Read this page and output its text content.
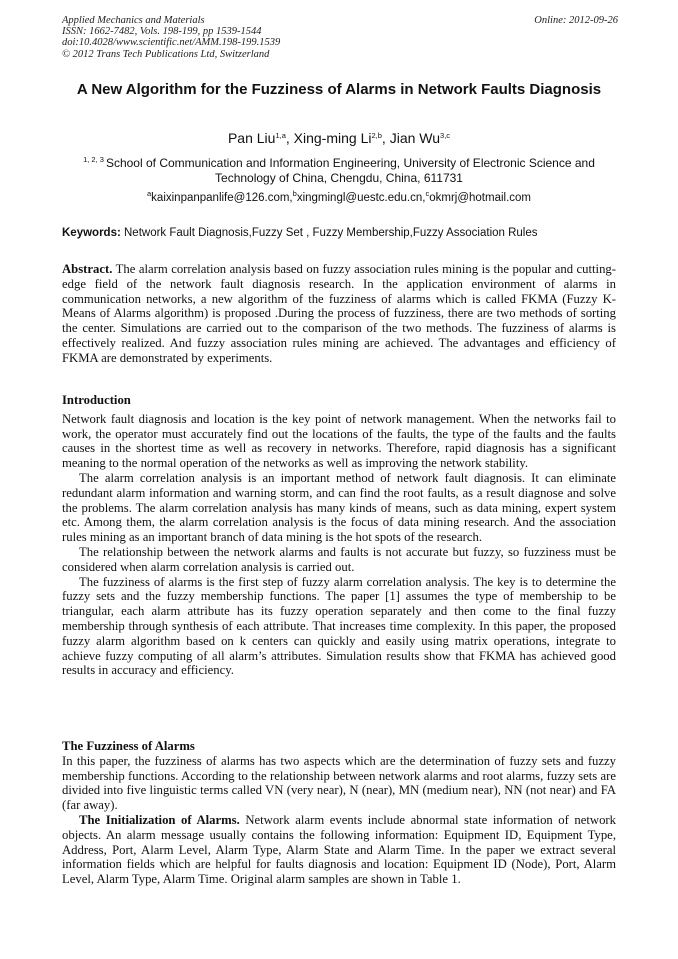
Applied Mechanics and Materials
ISSN: 1662-7482, Vols. 198-199, pp 1539-1544
doi:10.4028/www.scientific.net/AMM.198-199.1539
© 2012 Trans Tech Publications Ltd, Switzerland
Online: 2012-09-26
A New Algorithm for the Fuzziness of Alarms in Network Faults Diagnosis
Pan Liu$^{1,a}$, Xing-ming Li$^{2,b}$, Jian Wu$^{3,c}$
$^{1, 2, 3}$ School of Communication and Information Engineering, University of Electronic Science and Technology of China, Chengdu, China, 611731
$^a$kaixinpanpanlife@126.com,$^b$xingmingl@uestc.edu.cn,$^c$okmrj@hotmail.com
Keywords: Network Fault Diagnosis,Fuzzy Set , Fuzzy Membership,Fuzzy Association Rules

Abstract. The alarm correlation analysis based on fuzzy association rules mining is the popular and cutting-edge field of the network fault diagnosis research. In the application environment of alarms in communication networks, a new algorithm of the fuzziness of alarms which is called FKMA (Fuzzy K-Means of Alarms algorithm) is proposed .During the process of fuzziness, there are two methods of sorting the center. Simulations are carried out to the comparison of the two methods. The fuzziness of alarms is effectively realized. And fuzzy association rules mining are achieved. The advantages and efficiency of FKMA are demonstrated by experiments.

Introduction

Network fault diagnosis and location is the key point of network management. When the networks fail to work, the operator must accurately find out the locations of the faults, the type of the faults and the faults causes in the shortest time as well as recovery in networks. Therefore, rapid diagnosis has a significant meaning to the normal operation of the networks as well as improving the network stability.

The alarm correlation analysis is an important method of network fault diagnosis. It can eliminate redundant alarm information and warning storm, and can find the root faults, as a result diagnose and solve the problems. The alarm correlation analysis has many kinds of means, such as data mining, expert system etc. Among them, the alarm correlation analysis is the focus of data mining research. And the association rules mining as an important branch of data mining is the hot spots of the research.

The relationship between the network alarms and faults is not accurate but fuzzy, so fuzziness must be considered when alarm correlation analysis is carried out.

The fuzziness of alarms is the first step of fuzzy alarm correlation analysis. The key is to determine the fuzzy sets and the fuzzy membership functions. The paper [1] assumes the type of membership to be triangular, each alarm attribute has its fuzzy operation separately and then come to the final fuzzy membership through synthesis of each attribute. That increases time complexity. In this paper, the proposed fuzzy alarm algorithm based on k centers can quickly and easily using matrix operations, integrate to achieve fuzzy computing of all alarm’s attributes. Simulation results show that FKMA has achieved good results in accuracy and efficiency.

The Fuzziness of Alarms

In this paper, the fuzziness of alarms has two aspects which are the determination of fuzzy sets and fuzzy membership functions. According to the relationship between network alarms and root alarms, fuzzy sets are divided into five linguistic terms called VN (very near), N (near), MN (medium near), NN (not near) and FA (far away).

The Initialization of Alarms. Network alarm events include abnormal state information of network objects. An alarm message usually contains the following information: Equipment ID, Equipment Type, Address, Port, Alarm Level, Alarm Type, Alarm State and Alarm Time. In the paper we extract several information fields which are helpful for faults diagnosis and location: Equipment ID (Node), Port, Alarm Level, Alarm Type, Alarm Time. Original alarm samples are shown in Table 1.
